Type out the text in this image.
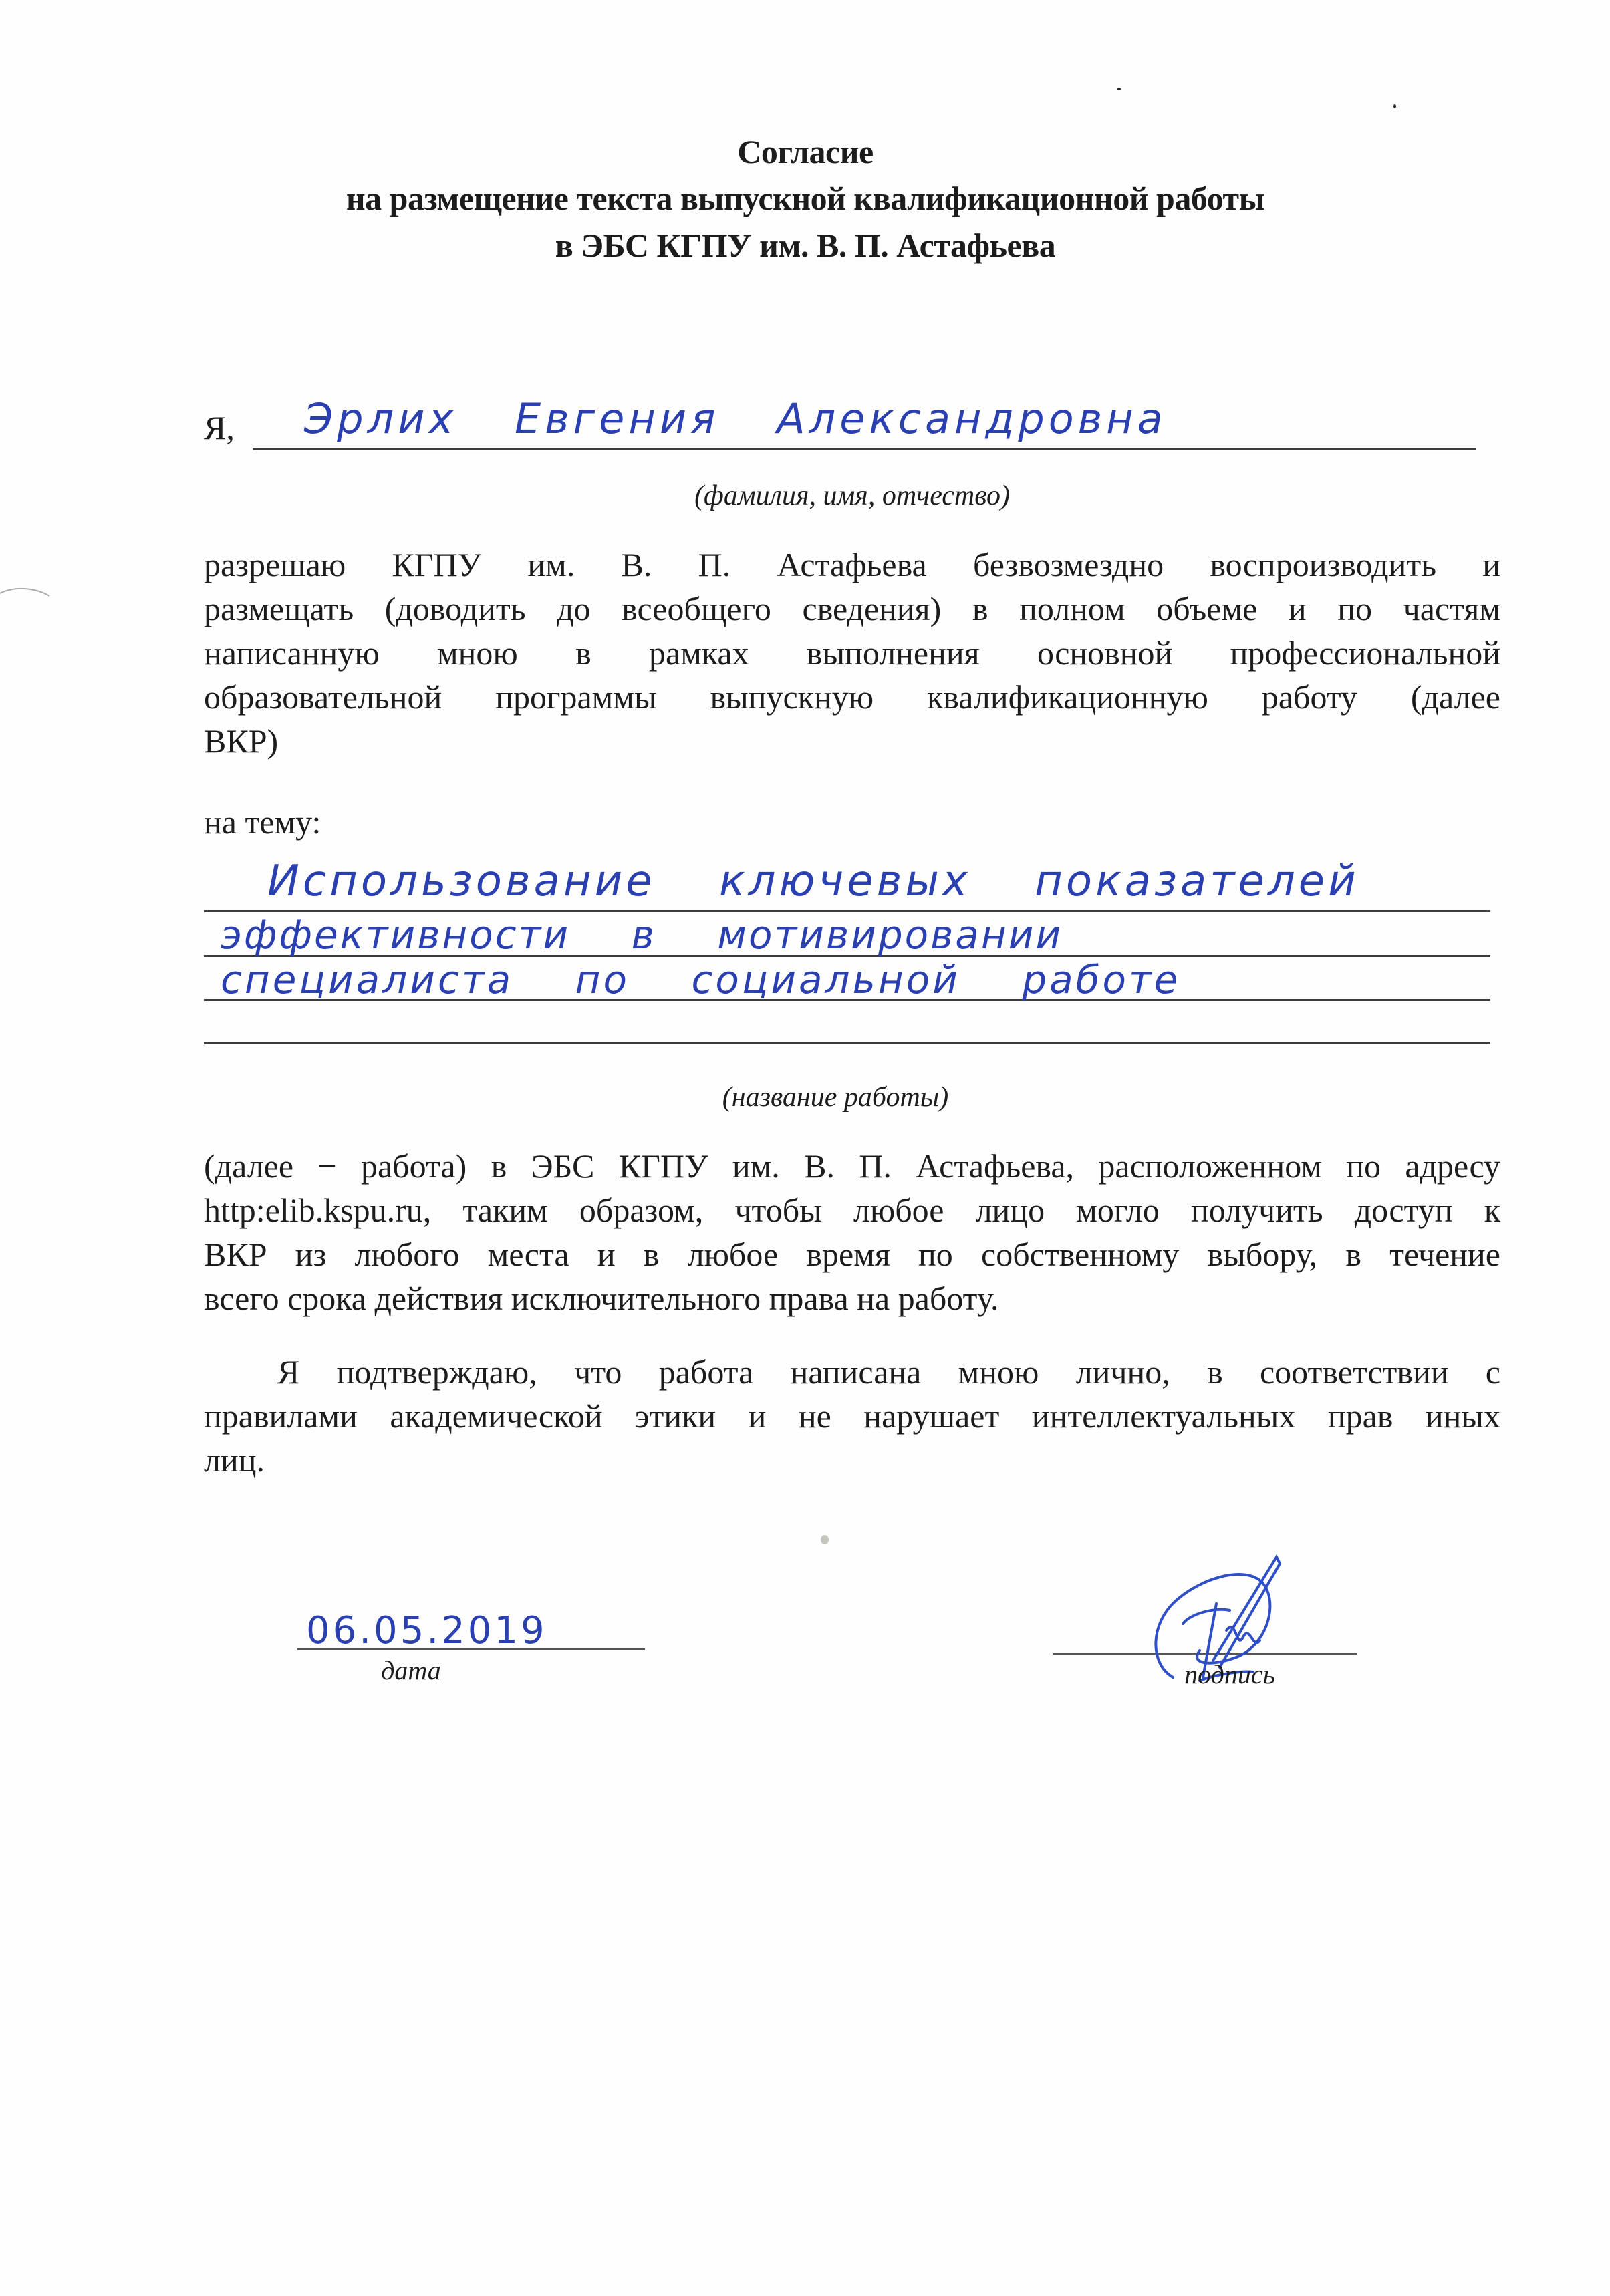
Согласие
на размещение текста выпускной квалификационной работы
в ЭБС КГПУ им. В. П. Астафьева
Я, Эрлих Евгения Александровна
(фамилия, имя, отчество)
разрешаю КГПУ им. В. П. Астафьева безвозмездно воспроизводить и
размещать (доводить до всеобщего сведения) в полном объеме и по частям
написанную мною в рамках выполнения основной профессиональной
образовательной программы выпускную квалификационную работу (далее
ВКР)
на тему:
Использование ключевых показателей
эффективности в мотивировании
специалиста по социальной работе
(название работы)
(далее − работа) в ЭБС КГПУ им. В. П. Астафьева, расположенном по адресу
http:elib.kspu.ru, таким образом, чтобы любое лицо могло получить доступ к
ВКР из любого места и в любое время по собственному выбору, в течение
всего срока действия исключительного права на работу.
Я подтверждаю, что работа написана мною лично, в соответствии с
правилами академической этики и не нарушает интеллектуальных прав иных
лиц.
06.05.2019
дата	подпись
